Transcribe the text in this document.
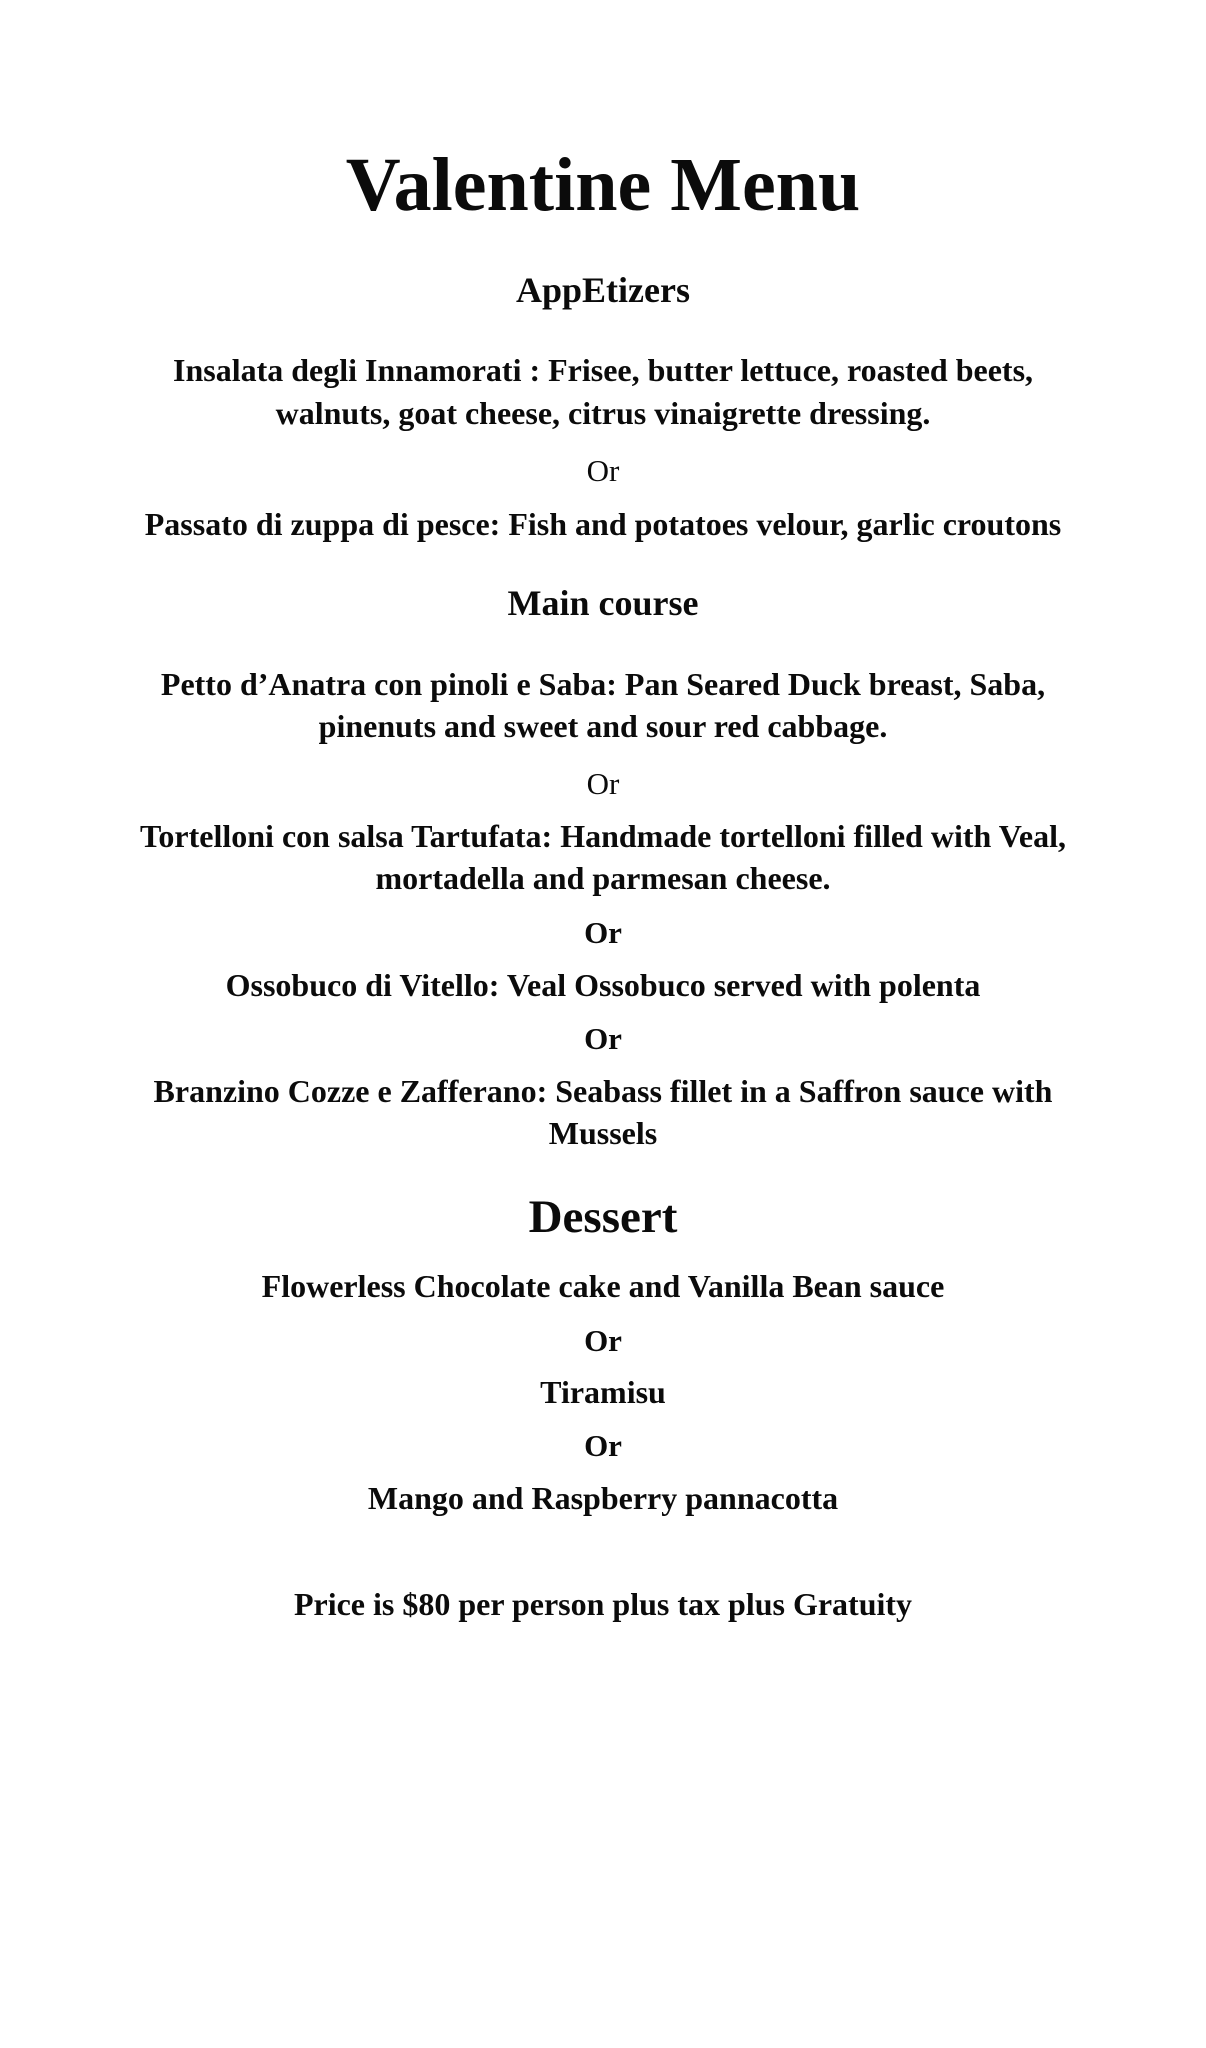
Valentine Menu
AppEtizers
Insalata degli Innamorati : Frisee, butter lettuce, roasted beets,
walnuts, goat cheese, citrus vinaigrette dressing.
Or
Passato di zuppa di pesce: Fish and potatoes velour, garlic croutons
Main course
Petto d’Anatra con pinoli e Saba: Pan Seared Duck breast, Saba,
pinenuts and sweet and sour red cabbage.
Or
Tortelloni con salsa Tartufata: Handmade tortelloni filled with Veal,
mortadella and parmesan cheese.
Or
Ossobuco di Vitello: Veal Ossobuco served with polenta
Or
Branzino Cozze e Zafferano: Seabass fillet in a Saffron sauce with
Mussels
Dessert
Flowerless Chocolate cake and Vanilla Bean sauce
Or
Tiramisu
Or
Mango and Raspberry pannacotta
Price is $80 per person plus tax plus Gratuity
